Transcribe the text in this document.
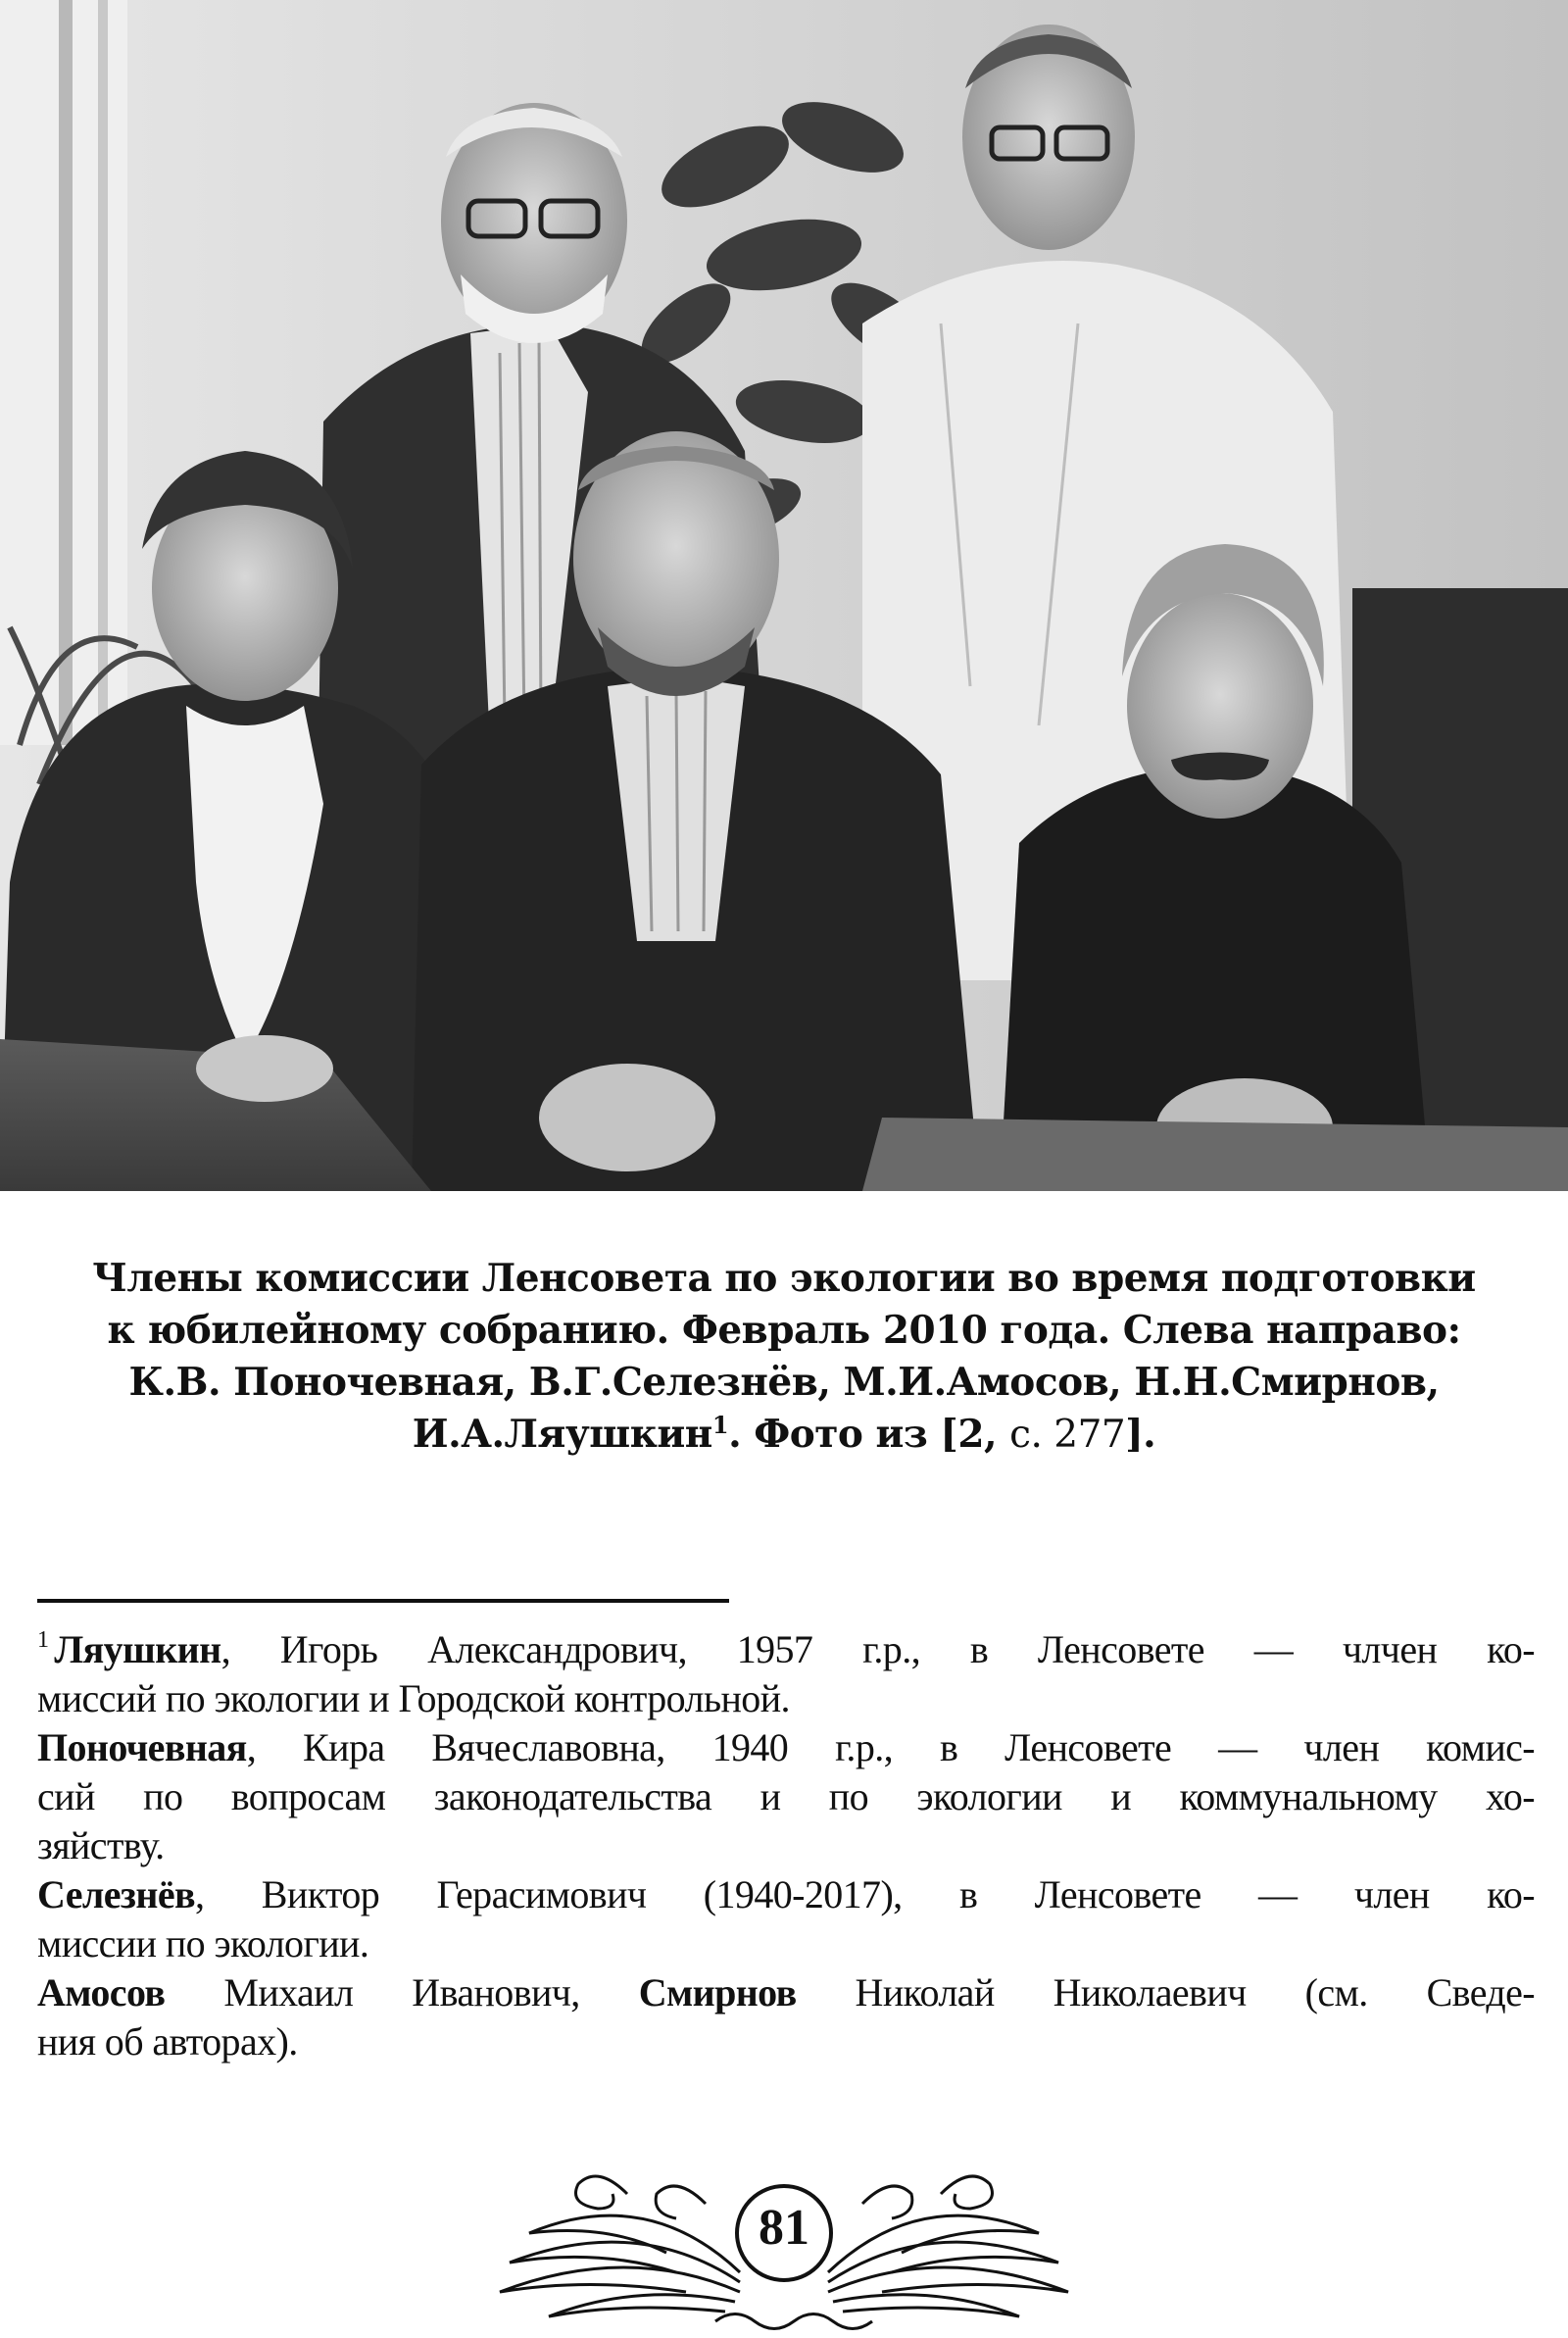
Члены комиссии Ленсовета по экологии во время подготовки
к юбилейному собранию. Февраль 2010 года. Слева направо:
К.В. Поночевная, В.Г.Селезнёв, М.И.Амосов, Н.Н.Смирнов,
И.А.Ляушкин$^1$. Фото из [2, с. 277].
$^1$ Ляушкин, Игорь Александрович, 1957 г.р., в Ленсовете — члчен ко-
миссий по экологии и Городской контрольной.
Поночевная, Кира Вячеславовна, 1940 г.р., в Ленсовете — член комис-
сий по вопросам законодательства и по экологии и коммунальному хо-
зяйству.
Селезнёв, Виктор Герасимович (1940-2017), в Ленсовете — член ко-
миссии по экологии.
Амосов Михаил Иванович, Смирнов Николай Николаевич (см. Сведе-
ния об авторах).
81
